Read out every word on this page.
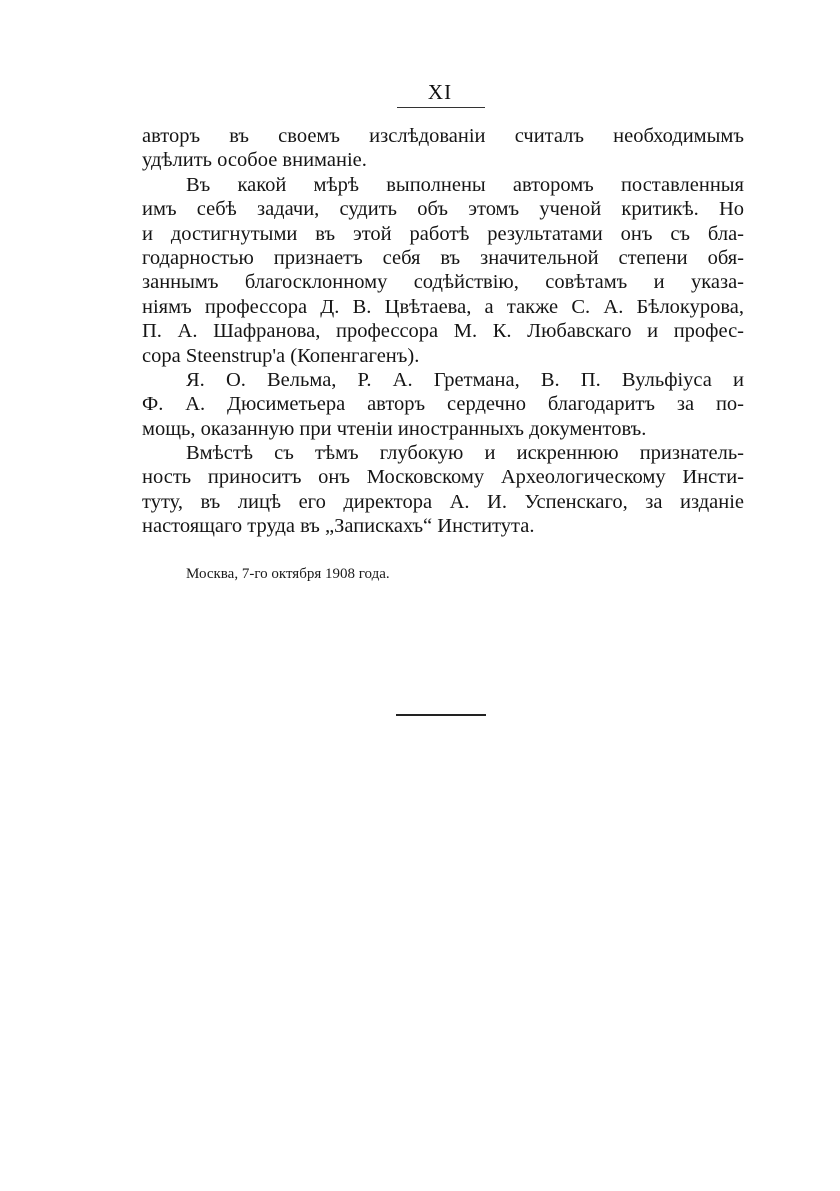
XI
авторъ въ своемъ изслѣдованiи считалъ необходимымъ
удѣлить особое вниманіе.
Въ какой мѣрѣ выполнены авторомъ поставленныя
имъ себѣ задачи, судить объ этомъ ученой критикѣ. Но
и достигнутыми въ этой работѣ результатами онъ съ бла-
годарностью признаетъ себя въ значительной степени обя-
заннымъ благосклонному содѣйствію, совѣтамъ и указа-
ніямъ профессора Д. В. Цвѣтаева, а также С. А. Бѣлокурова,
П. А. Шафранова, профессора М. К. Любавскаго и профес-
сора Steenstrup'а (Копенгагенъ).
Я. О. Вельма, Р. А. Гретмана, В. П. Вульфіуса и
Ф. А. Дюсиметьера авторъ сердечно благодаритъ за по-
мощь, оказанную при чтенiи иностранныхъ документовъ.
Вмѣстѣ съ тѣмъ глубокую и искреннюю признатель-
ность приноситъ онъ Московскому Археологическому Инсти-
туту, въ лицѣ его директора А. И. Успенскаго, за изданіе
настоящаго труда въ „Запискахъ“ Института.
Москва, 7-го октября 1908 года.
